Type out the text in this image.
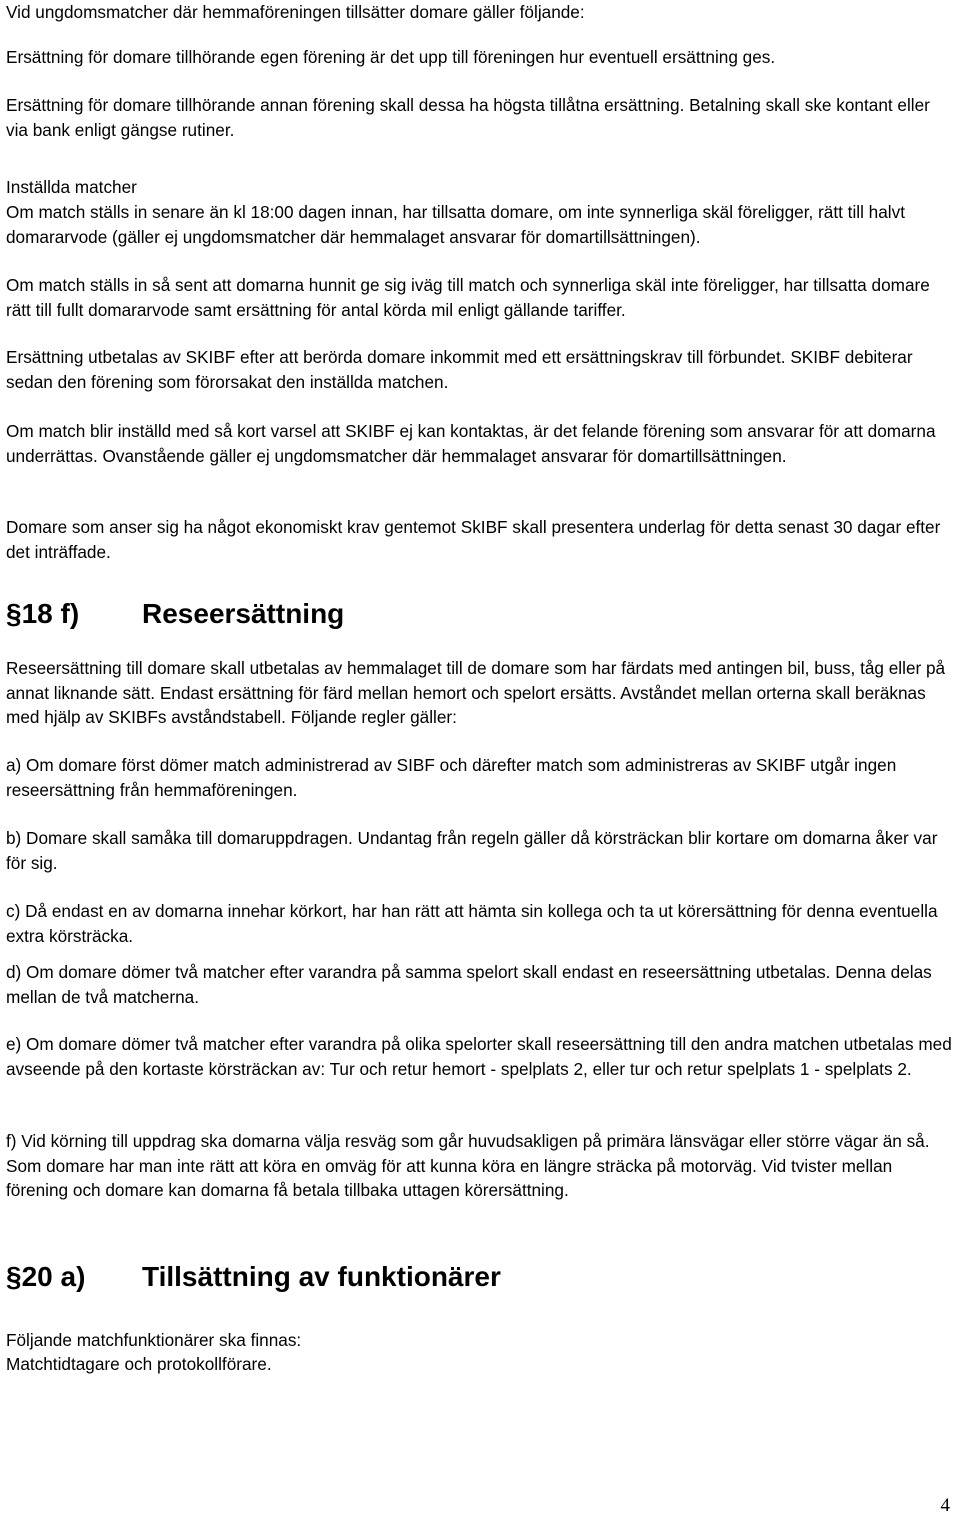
Vid ungdomsmatcher där hemmaföreningen tillsätter domare gäller följande:

Ersättning för domare tillhörande egen förening är det upp till föreningen hur eventuell ersättning ges.

Ersättning för domare tillhörande annan förening skall dessa ha högsta tillåtna ersättning. Betalning skall ske kontant eller via bank enligt gängse rutiner.

Inställda matcher

Om match ställs in senare än kl 18:00 dagen innan, har tillsatta domare, om inte synnerliga skäl föreligger, rätt till halvt domararvode (gäller ej ungdomsmatcher där hemmalaget ansvarar för domartillsättningen).

Om match ställs in så sent att domarna hunnit ge sig iväg till match och synnerliga skäl inte föreligger, har tillsatta domare rätt till fullt domararvode samt ersättning för antal körda mil enligt gällande tariffer.

Ersättning utbetalas av SKIBF efter att berörda domare inkommit med ett ersättningskrav till förbundet. SKIBF debiterar sedan den förening som förorsakat den inställda matchen.

Om match blir inställd med så kort varsel att SKIBF ej kan kontaktas, är det felande förening som ansvarar för att domarna underrättas. Ovanstående gäller ej ungdomsmatcher där hemmalaget ansvarar för domartillsättningen.

Domare som anser sig ha något ekonomiskt krav gentemot SkIBF skall presentera underlag för detta senast 30 dagar efter det inträffade.

§18 f)	Reseersättning

Reseersättning till domare skall utbetalas av hemmalaget till de domare som har färdats med antingen bil, buss, tåg eller på annat liknande sätt. Endast ersättning för färd mellan hemort och spelort ersätts. Avståndet mellan orterna skall beräknas med hjälp av SKIBFs avståndstabell. Följande regler gäller:

a) Om domare först dömer match administrerad av SIBF och därefter match som administreras av SKIBF utgår ingen reseersättning från hemmaföreningen.

b) Domare skall samåka till domaruppdragen. Undantag från regeln gäller då körsträckan blir kortare om domarna åker var för sig.

c) Då endast en av domarna innehar körkort, har han rätt att hämta sin kollega och ta ut körersättning för denna eventuella extra körsträcka.

d) Om domare dömer två matcher efter varandra på samma spelort skall endast en reseersättning utbetalas. Denna delas mellan de två matcherna.

e) Om domare dömer två matcher efter varandra på olika spelorter skall reseersättning till den andra matchen utbetalas med avseende på den kortaste körsträckan av: Tur och retur hemort - spelplats 2, eller tur och retur spelplats 1 - spelplats 2.

f) Vid körning till uppdrag ska domarna välja resväg som går huvudsakligen på primära länsvägar eller större vägar än så. Som domare har man inte rätt att köra en omväg för att kunna köra en längre sträcka på motorväg. Vid tvister mellan förening och domare kan domarna få betala tillbaka uttagen körersättning.

§20 a)	Tillsättning av funktionärer

Följande matchfunktionärer ska finnas:

Matchtidtagare och protokollförare.

4
